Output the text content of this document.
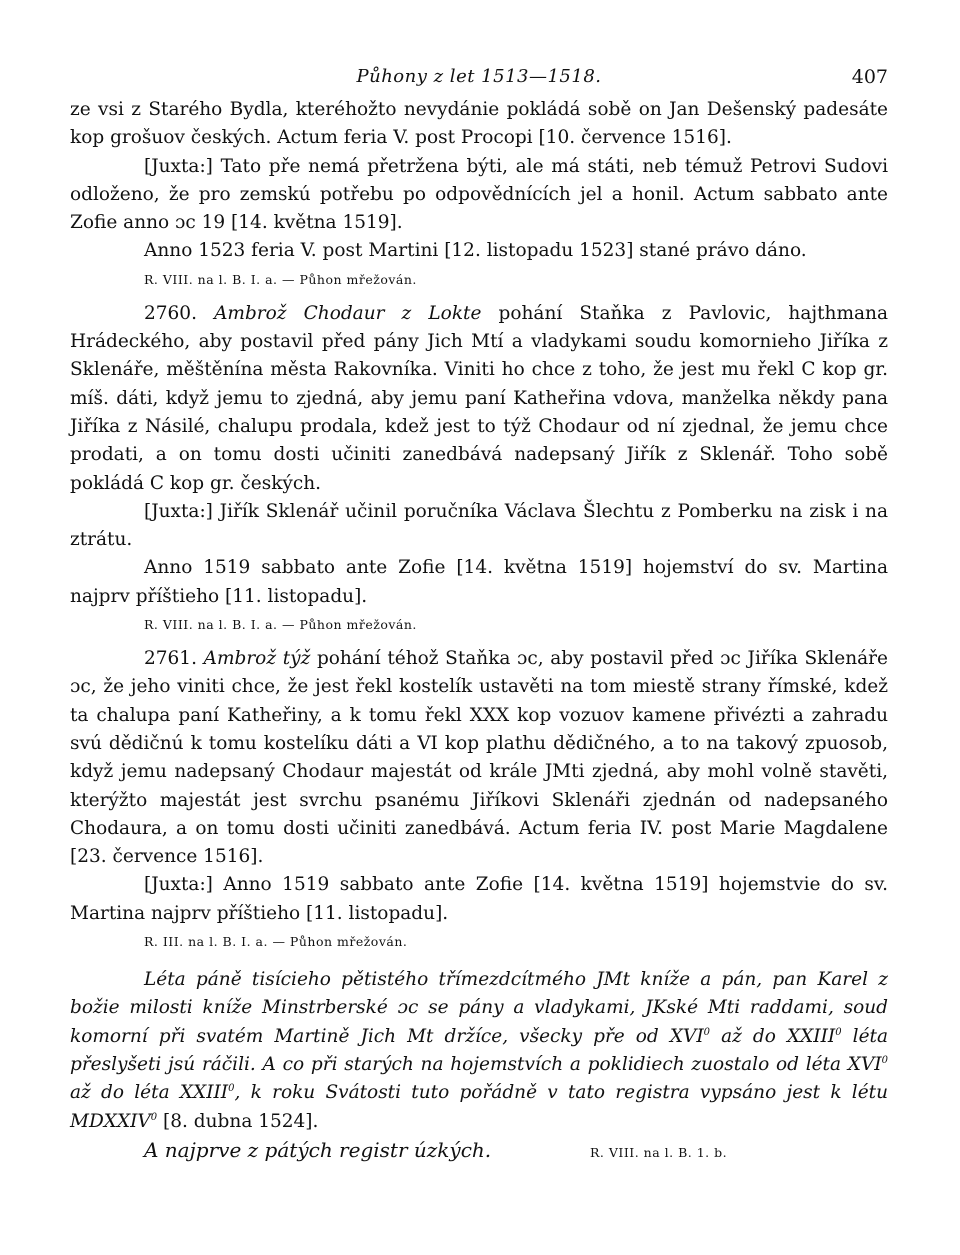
Půhony z let 1513—1518.	407

ze vsi z Starého Bydla, kteréhožto nevydánie pokládá sobě on Jan Dešenský padesáte kop grošuov českých. Actum feria V. post Procopi [10. července 1516].

[Juxta:] Tato pře nemá přetržena býti, ale má státi, neb témuž Petrovi Sudovi odloženo, že pro zemskú potřebu po odpovědnících jel a honil. Actum sabbato ante Zofie anno ɔc 19 [14. května 1519].

Anno 1523 feria V. post Martini [12. listopadu 1523] stané právo dáno.

R. VIII. na l. B. I. a. — Půhon mřežován.

2760. Ambrož Chodaur z Lokte pohání Staňka z Pavlovic, hajthmana Hrádeckého, aby postavil před pány Jich Mtí a vladykami soudu komornieho Jiříka z Sklenáře, měštěnína města Rakovníka. Viniti ho chce z toho, že jest mu řekl C kop gr. míš. dáti, když jemu to zjedná, aby jemu paní Katheřina vdova, manželka někdy pana Jiříka z Násilé, chalupu prodala, kdež jest to týž Chodaur od ní zjednal, že jemu chce prodati, a on tomu dosti učiniti zanedbává nadepsaný Jiřík z Sklenář. Toho sobě pokládá C kop gr. českých.

[Juxta:] Jiřík Sklenář učinil poručníka Václava Šlechtu z Pomberku na zisk i na ztrátu.

Anno 1519 sabbato ante Zofie [14. května 1519] hojemství do sv. Martina najprv příštieho [11. listopadu].

R. VIII. na l. B. I. a. — Půhon mřežován.

2761. Ambrož týž pohání téhož Staňka ɔc, aby postavil před ɔc Jiříka Sklenáře ɔc, že jeho viniti chce, že jest řekl kostelík ustavěti na tom miestě strany římské, kdež ta chalupa paní Katheřiny, a k tomu řekl XXX kop vozuov kamene přivézti a zahradu svú dědičnú k tomu kostelíku dáti a VI kop plathu dědičného, a to na takový zpuosob, když jemu nadepsaný Chodaur majestát od krále JMti zjedná, aby mohl volně stavěti, kterýžto majestát jest svrchu psanému Jiříkovi Sklenáři zjednán od nadepsaného Chodaura, a on tomu dosti učiniti zanedbává. Actum feria IV. post Marie Magdalene [23. července 1516].

[Juxta:] Anno 1519 sabbato ante Zofie [14. května 1519] hojemstvie do sv. Martina najprv příštieho [11. listopadu].

R. III. na l. B. I. a. — Půhon mřežován.

Léta páně tisícieho pětistého třímezdcítmého JMt kníže a pán, pan Karel z božie milosti kníže Minstrberské ɔc se pány a vladykami, JKské Mti raddami, soud komorní při svatém Martině Jich Mt držíce, všecky pře od XVI$^0$ až do XXIII$^0$ léta přeslyšeti jsú ráčili. A co při starých na hojemstvích a poklidiech zuostalo od léta XVI$^0$ až do léta XXIII$^0$, k roku Svátosti tuto pořádně v tato registra vypsáno jest k létu MDXXIV$^0$ [8. dubna 1524].

A najprve z pátých registr úzkých.	R. VIII. na l. B. 1. b.
